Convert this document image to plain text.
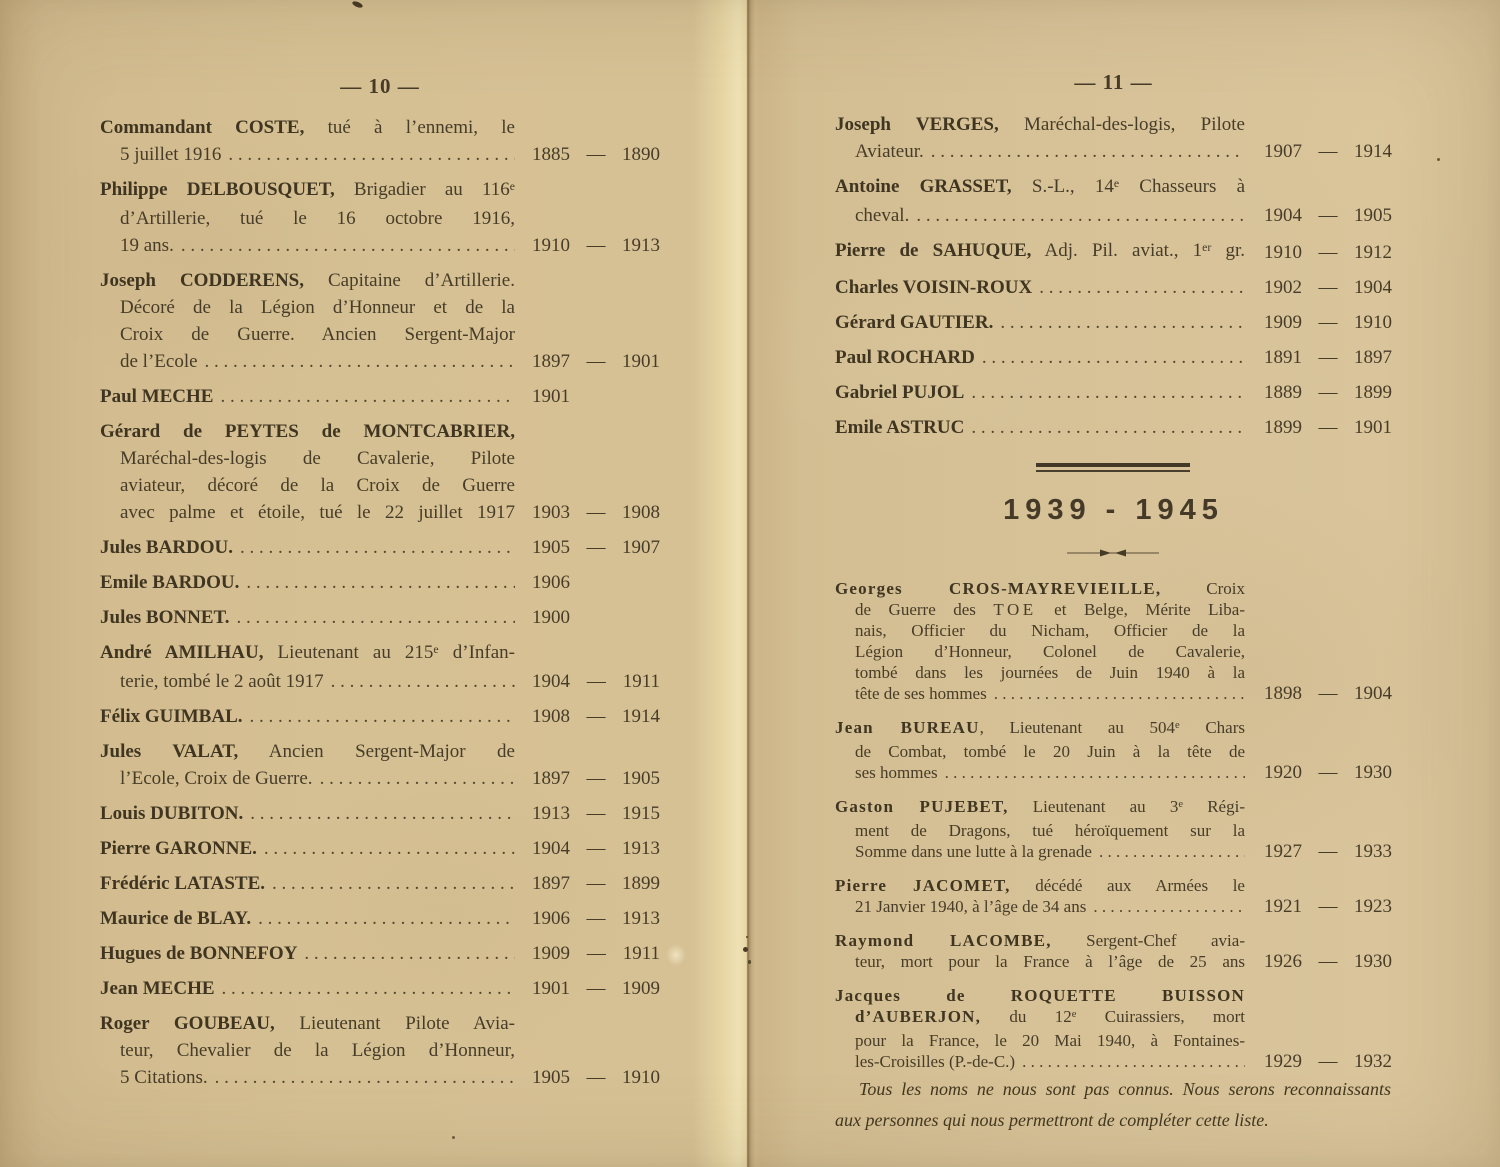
— 10 —
Commandant COSTE, tué à l’ennemi, le
5 juillet 1916 . . .	1885 — 1890
Philippe DELBOUSQUET, Brigadier au 116e
d’Artillerie, tué le 16 octobre 1916,
19 ans. . . .	1910 — 1913
Joseph CODDERENS, Capitaine d’Artillerie.
Décoré de la Légion d’Honneur et de la
Croix de Guerre. Ancien Sergent-Major
de l’Ecole . . .	1897 — 1901
Paul MECHE . . .	1901
Gérard de PEYTES de MONTCABRIER,
Maréchal-des-logis de Cavalerie, Pilote
aviateur, décoré de la Croix de Guerre
avec palme et étoile, tué le 22 juillet 1917 1903 — 1908
Jules BARDOU. . . .	1905 — 1907
Emile BARDOU. . . .	1906
Jules BONNET. . . .	1900
André AMILHAU, Lieutenant au 215e d’Infan-
terie, tombé le 2 août 1917 . . .	1904 — 1911
Félix GUIMBAL. . . .	1908 — 1914
Jules VALAT, Ancien Sergent-Major de
l’Ecole, Croix de Guerre. . . .	1897 — 1905
Louis DUBITON. . . .	1913 — 1915
Pierre GARONNE. . . .	1904 — 1913
Frédéric LATASTE. . . .	1897 — 1899
Maurice de BLAY. . . .	1906 — 1913
Hugues de BONNEFOY . . .	1909 — 1911
Jean MECHE . . .	1901 — 1909
Roger GOUBEAU, Lieutenant Pilote Avia-
teur, Chevalier de la Légion d’Honneur,
5 Citations. . . .	1905 — 1910
— 11 —
Joseph VERGES, Maréchal-des-logis, Pilote
Aviateur. . . .	1907 — 1914
Antoine GRASSET, S.-L., 14e Chasseurs à
cheval. . . .	1904 — 1905
Pierre de SAHUQUE, Adj. Pil. aviat., 1er gr. 1910 — 1912
Charles VOISIN-ROUX . . .	1902 — 1904
Gérard GAUTIER. . . .	1909 — 1910
Paul ROCHARD . . .	1891 — 1897
Gabriel PUJOL . . .	1889 — 1899
Emile ASTRUC . . .	1899 — 1901
1939 - 1945
Georges CROS-MAYREVIEILLE, Croix
de Guerre des TOE et Belge, Mérite Liba-
nais, Officier du Nicham, Officier de la
Légion d’Honneur, Colonel de Cavalerie,
tombé dans les journées de Juin 1940 à la
tête de ses hommes . . .	1898 — 1904
Jean BUREAU, Lieutenant au 504e Chars
de Combat, tombé le 20 Juin à la tête de
ses hommes . . .	1920 — 1930
Gaston PUJEBET, Lieutenant au 3e Régi-
ment de Dragons, tué héroïquement sur la
Somme dans une lutte à la grenade . . .	1927 — 1933
Pierre JACOMET, décédé aux Armées le
21 Janvier 1940, à l’âge de 34 ans . . .	1921 — 1923
Raymond LACOMBE, Sergent-Chef avia-
teur, mort pour la France à l’âge de 25 ans 1926 — 1930
Jacques de ROQUETTE BUISSON
d’AUBERJON, du 12e Cuirassiers, mort
pour la France, le 20 Mai 1940, à Fontaines-
les-Croisilles (P.-de-C.) . . .	1929 — 1932
Tous les noms ne nous sont pas connus. Nous serons reconnaissants
aux personnes qui nous permettront de compléter cette liste.
